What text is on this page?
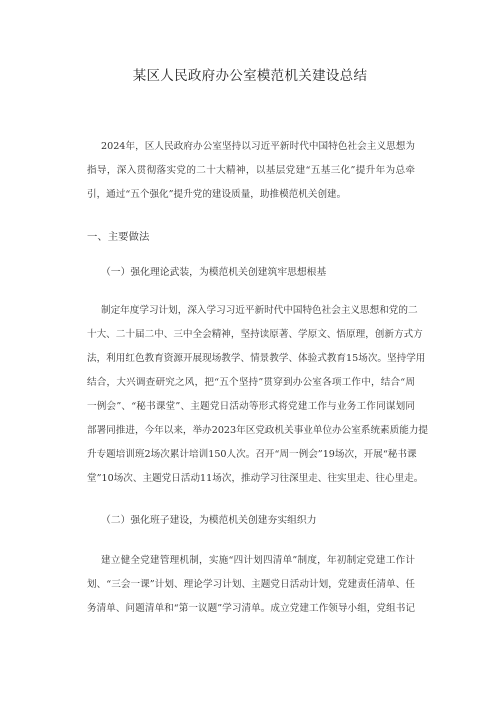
某区人民政府办公室模范机关建设总结
2024年，区人民政府办公室坚持以习近平新时代中国特色社会主义思想为
指导，深入贯彻落实党的二十大精神，以基层党建“五基三化”提升年为总牵
引，通过“五个强化”提升党的建设质量，助推模范机关创建。
一、主要做法
（一）强化理论武装，为模范机关创建筑牢思想根基
制定年度学习计划，深入学习习近平新时代中国特色社会主义思想和党的二
十大、二十届二中、三中全会精神，坚持读原著、学原文、悟原理，创新方式方
法，利用红色教育资源开展现场教学、情景教学、体验式教育15场次。坚持学用
结合，大兴调查研究之风，把“五个坚持”贯穿到办公室各项工作中，结合“周
一例会”、“秘书课堂”、主题党日活动等形式将党建工作与业务工作同谋划同
部署同推进，今年以来，举办2023年区党政机关事业单位办公室系统素质能力提
升专题培训班2场次累计培训150人次。召开“周一例会”19场次，开展“秘书课
堂”10场次、主题党日活动11场次，推动学习往深里走、往实里走、往心里走。
（二）强化班子建设，为模范机关创建夯实组织力
建立健全党建管理机制，实施“四计划四清单”制度，年初制定党建工作计
划、“三会一课”计划、理论学习计划、主题党日活动计划，党建责任清单、任
务清单、问题清单和“第一议题”学习清单。成立党建工作领导小组，党组书记
